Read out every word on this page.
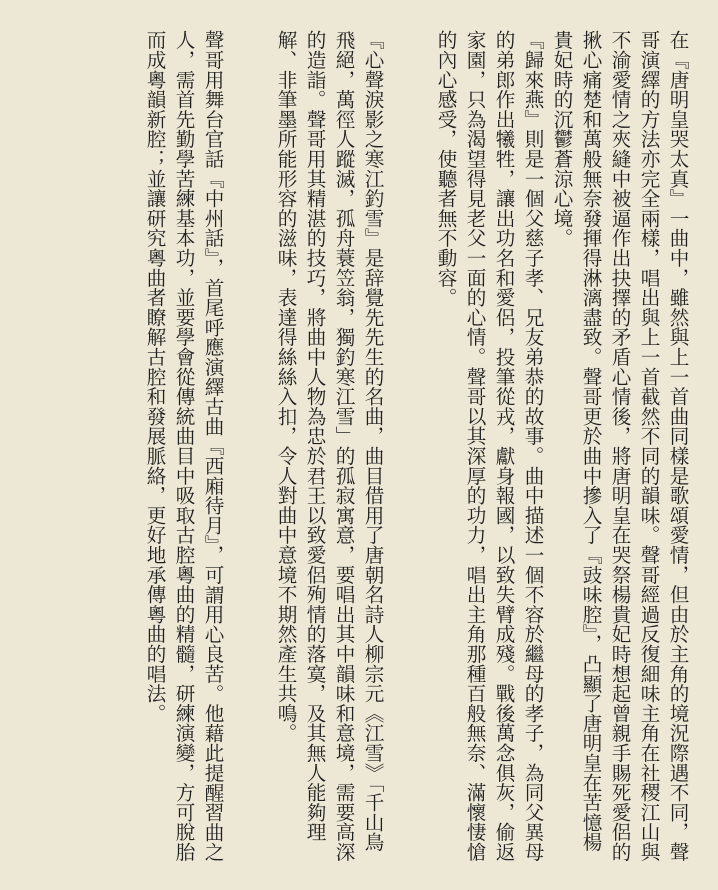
在『唐明皇哭太真』一曲中，雖然與上一首曲同樣是歌頌愛情，但由於主角的境況際遇不同，聲哥演繹的方法亦完全兩樣，唱出與上一首截然不同的韻味。聲哥經過反復細味主角在社稷江山與不渝愛情之夾縫中被逼作出抉擇的矛盾心情後，將唐明皇在哭祭楊貴妃時想起曾親手賜死愛侶的揪心痛楚和萬般無奈發揮得淋漓盡致。聲哥更於曲中摻入了『豉味腔』，凸顯了唐明皇在苦憶楊貴妃時的沉鬱蒼涼心境。

『歸來燕』則是一個父慈子孝、兄友弟恭的故事。曲中描述一個不容於繼母的孝子，為同父異母的弟郎作出犧牲，讓出功名和愛侶，投筆從戎，獻身報國，以致失臂成殘。戰後萬念俱灰，偷返家園，只為渴望得見老父一面的心情。聲哥以其深厚的功力，唱出主角那種百般無奈、滿懷悽愴的內心感受，使聽者無不動容。

『心聲淚影之寒江釣雪』是辞覺先先生的名曲，曲目借用了唐朝名詩人柳宗元《江雪》「千山鳥飛絕，萬徑人蹤滅，孤舟蓑笠翁，獨釣寒江雪」的孤寂寓意，要唱出其中韻味和意境，需要高深的造詣。聲哥用其精湛的技巧，將曲中人物為忠於君王以致愛侶殉情的落寞，及其無人能夠理解、非筆墨所能形容的滋味，表達得絲絲入扣，令人對曲中意境不期然產生共鳴。

聲哥用舞台官話『中州話』，首尾呼應演繹古曲『西廂待月』，可謂用心良苦。他藉此提醒習曲之人，需首先勤學苦練基本功，並要學會從傳統曲目中吸取古腔粵曲的精髓，研練演變，方可脫胎而成粵韻新腔；並讓研究粵曲者瞭解古腔和發展脈絡，更好地承傳粵曲的唱法。
